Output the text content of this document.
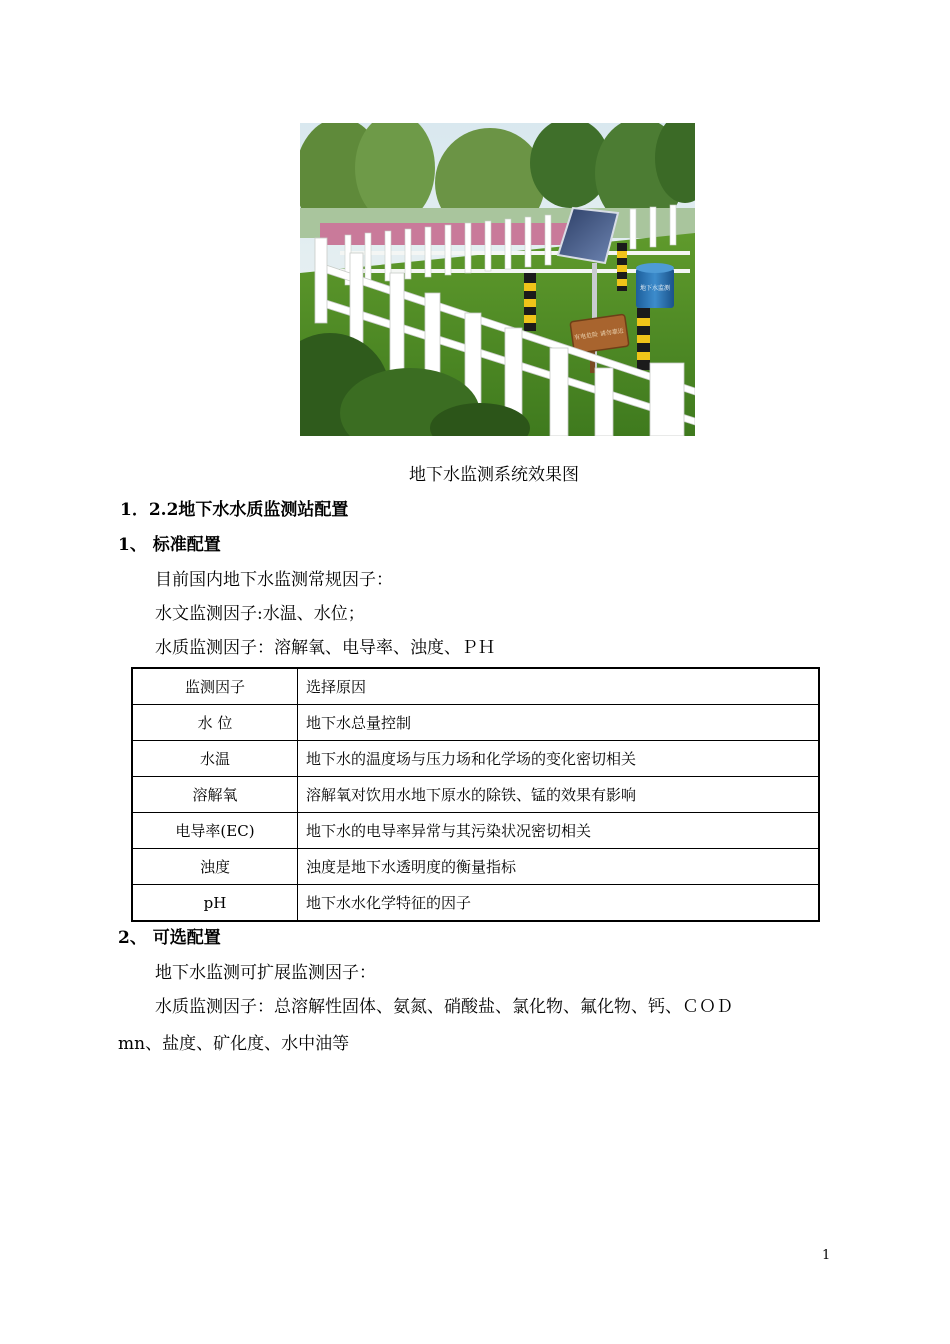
地下水监测
有电危险 请勿靠近
地下水监测系统效果图
1．2.2地下水水质监测站配置
1、 标准配置
目前国内地下水监测常规因子：
水文监测因子:水温、水位；
水质监测因子：溶解氧、电导率、浊度、ＰＨ
监测因子	选择原因
水 位	地下水总量控制
水温	地下水的温度场与压力场和化学场的变化密切相关
溶解氧	溶解氧对饮用水地下原水的除铁、锰的效果有影响
电导率(EC)	地下水的电导率异常与其污染状况密切相关
浊度	浊度是地下水透明度的衡量指标
pH	地下水水化学特征的因子
2、 可选配置
地下水监测可扩展监测因子：
水质监测因子：总溶解性固体、氨氮、硝酸盐、氯化物、氟化物、钙、ＣＯＤ
mn、盐度、矿化度、水中油等
1
